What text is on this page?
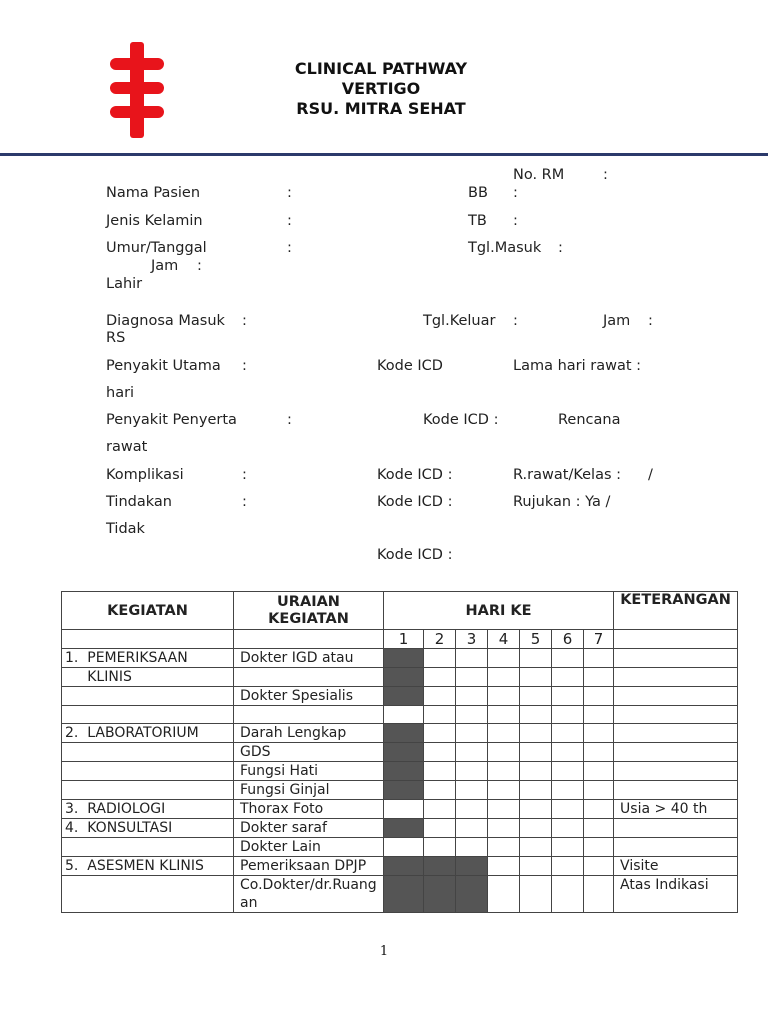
CLINICAL PATHWAY
VERTIGO
RSU. MITRA SEHAT
No. RM	:
Nama Pasien	:	BB :
Jenis Kelamin	:	TB :
Umur/Tanggal	:	Tgl.Masuk :
Jam :
Lahir
Diagnosa Masuk :
RS
Tgl.Keluar :	Jam :
Penyakit Utama :	Kode ICD	Lama hari rawat :
hari
Penyakit Penyerta	:	Kode ICD :	Rencana
rawat
Komplikasi	:	Kode ICD :	R.rawat/Kelas : /
Tindakan	:	Kode ICD :	Rujukan : Ya /
Tidak
Kode ICD :
KEGIATAN	URAIAN KEGIATAN	HARI KE							KETERANGAN
		1	2	3	4	5	6	7	
1.  PEMERIKSAAN	Dokter IGD atau								
KLINIS									
	Dokter Spesialis								

2.  LABORATORIUM	Darah Lengkap								
	GDS								
	Fungsi Hati								
	Fungsi Ginjal								
3.  RADIOLOGI	Thorax Foto								Usia > 40 th
4.  KONSULTASI	Dokter saraf								
	Dokter Lain								
5.  ASESMEN KLINIS	Pemeriksaan DPJP								Visite
	Co.Dokter/dr.Ruangan								Atas Indikasi
1
